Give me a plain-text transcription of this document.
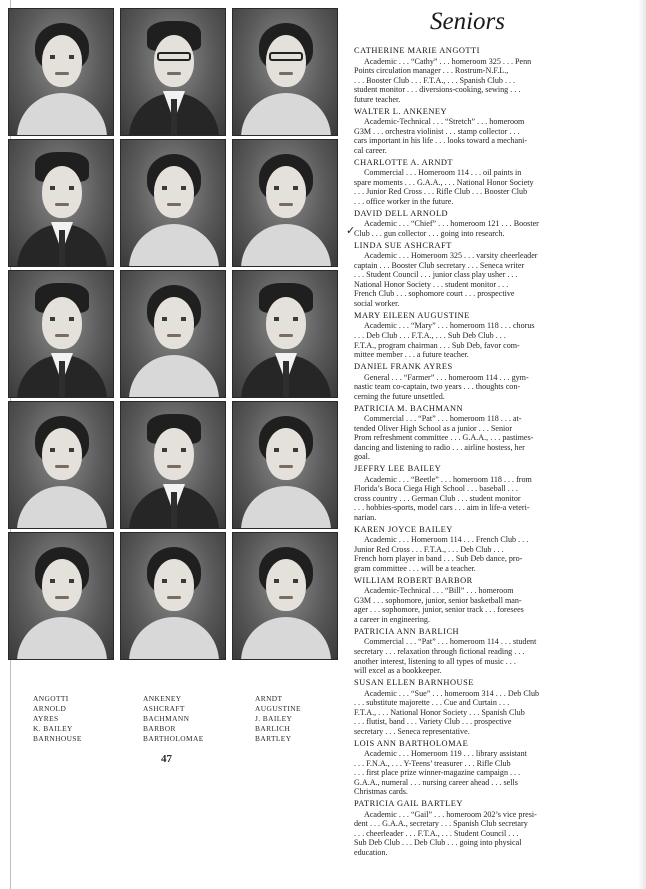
ANGOTTI
ARNOLD
AYRES
K. BAILEY
BARNHOUSE
ANKENEY
ASHCRAFT
BACHMANN
BARBOR
BARTHOLOMAE
ARNDT
AUGUSTINE
J. BAILEY
BARLICH
BARTLEY
47
Seniors
✓
CATHERINE MARIE ANGOTTI
Academic . . . “Cathy” . . . homeroom 325 . . . Penn
Points circulation manager . . . Rostrum-N.F.L.,
. . . Booster Club . . . F.T.A., . . . Spanish Club . . .
student monitor . . . diversions-cooking, sewing . . .
future teacher.
WALTER L. ANKENEY
Academic-Technical . . . “Stretch” . . . homeroom
G3M . . . orchestra violinist . . . stamp collector . . .
cars important in his life . . . looks toward a mechani-
cal career.
CHARLOTTE A. ARNDT
Commercial . . . Homeroom 114 . . . oil paints in
spare moments . . . G.A.A., . . . National Honor Society
. . . Junior Red Cross . . . Rifle Club . . . Booster Club
. . . office worker in the future.
DAVID DELL ARNOLD
Academic . . . “Chief” . . . homeroom 121 . . . Booster
Club . . . gun collector . . . going into research.
LINDA SUE ASHCRAFT
Academic . . . Homeroom 325 . . . varsity cheerleader
captain . . . Booster Club secretary . . . Seneca writer
. . . Student Council . . . junior class play usher . . .
National Honor Society . . . student monitor . . .
French Club . . . sophomore court . . . prospective
social worker.
MARY EILEEN AUGUSTINE
Academic . . . “Mary” . . . homeroom 118 . . . chorus
. . . Deb Club . . . F.T.A., . . . Sub Deb Club . . .
F.T.A., program chairman . . . Sub Deb, favor com-
mittee member . . . a future teacher.
DANIEL FRANK AYRES
General . . . “Farmer” . . . homeroom 114 . . . gym-
nastic team co-captain, two years . . . thoughts con-
cerning the future unsettled.
PATRICIA M. BACHMANN
Commercial . . . “Pat” . . . homeroom 118 . . . at-
tended Oliver High School as a junior . . . Senior
Prom refreshment committee . . . G.A.A., . . . pastimes-
dancing and listening to radio . . . airline hostess, her
goal.
JEFFRY LEE BAILEY
Academic . . . “Beetle” . . . homeroom 118 . . . from
Florida’s Boca Ciega High School . . . baseball . . .
cross country . . . German Club . . . student monitor
. . . hobbies-sports, model cars . . . aim in life-a veteri-
narian.
KAREN JOYCE BAILEY
Academic . . . Homeroom 114 . . . French Club . . .
Junior Red Cross . . . F.T.A., . . . Deb Club . . .
French horn player in band . . . Sub Deb dance, pro-
gram committee . . . will be a teacher.
WILLIAM ROBERT BARBOR
Academic-Technical . . . “Bill” . . . homeroom
G3M . . . sophomore, junior, senior basketball man-
ager . . . sophomore, junior, senior track . . . foresees
a career in engineering.
PATRICIA ANN BARLICH
Commercial . . . “Pat” . . . homeroom 114 . . . student
secretary . . . relaxation through fictional reading . . .
another interest, listening to all types of music . . .
will excel as a bookkeeper.
SUSAN ELLEN BARNHOUSE
Academic . . . “Sue” . . . homeroom 314 . . . Deb Club
. . . substitute majorette . . . Cue and Curtain . . .
F.T.A., . . . National Honor Society . . . Spanish Club
. . . flutist, band . . . Variety Club . . . prospective
secretary . . . Seneca representative.
LOIS ANN BARTHOLOMAE
Academic . . . Homeroom 119 . . . library assistant
. . . F.N.A., . . . Y-Teens’ treasurer . . . Rifle Club
. . . first place prize winner-magazine campaign . . .
G.A.A., numeral . . . nursing career ahead . . . sells
Christmas cards.
PATRICIA GAIL BARTLEY
Academic . . . “Gail” . . . homeroom 202’s vice presi-
dent . . . G.A.A., secretary . . . Spanish Club secretary
. . . cheerleader . . . F.T.A., . . . Student Council . . .
Sub Deb Club . . . Deb Club . . . going into physical
education.
